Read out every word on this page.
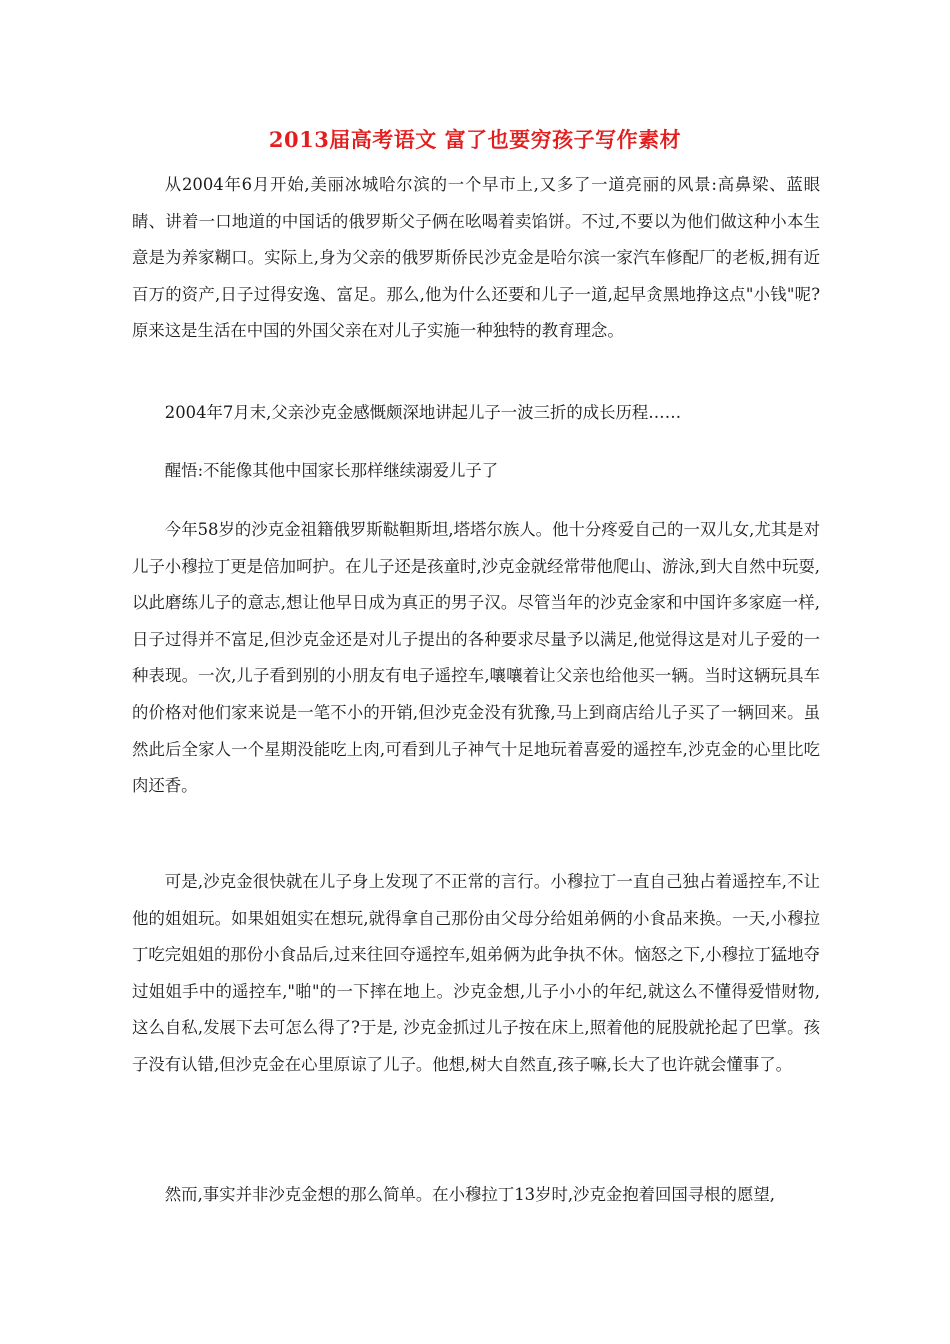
2013届高考语文 富了也要穷孩子写作素材
从2004年6月开始,美丽冰城哈尔滨的一个早市上,又多了一道亮丽的风景:高鼻梁、蓝眼睛、讲着一口地道的中国话的俄罗斯父子俩在吆喝着卖馅饼。不过,不要以为他们做这种小本生意是为养家糊口。实际上,身为父亲的俄罗斯侨民沙克金是哈尔滨一家汽车修配厂的老板,拥有近百万的资产,日子过得安逸、富足。那么,他为什么还要和儿子一道,起早贪黑地挣这点"小钱"呢?原来这是生活在中国的外国父亲在对儿子实施一种独特的教育理念。
2004年7月末,父亲沙克金感慨颇深地讲起儿子一波三折的成长历程……
醒悟:不能像其他中国家长那样继续溺爱儿子了
今年58岁的沙克金祖籍俄罗斯鞑靼斯坦,塔塔尔族人。他十分疼爱自己的一双儿女,尤其是对儿子小穆拉丁更是倍加呵护。在儿子还是孩童时,沙克金就经常带他爬山、游泳,到大自然中玩耍,以此磨练儿子的意志,想让他早日成为真正的男子汉。尽管当年的沙克金家和中国许多家庭一样,日子过得并不富足,但沙克金还是对儿子提出的各种要求尽量予以满足,他觉得这是对儿子爱的一种表现。一次,儿子看到别的小朋友有电子遥控车,嚷嚷着让父亲也给他买一辆。当时这辆玩具车的价格对他们家来说是一笔不小的开销,但沙克金没有犹豫,马上到商店给儿子买了一辆回来。虽然此后全家人一个星期没能吃上肉,可看到儿子神气十足地玩着喜爱的遥控车,沙克金的心里比吃肉还香。
可是,沙克金很快就在儿子身上发现了不正常的言行。小穆拉丁一直自己独占着遥控车,不让他的姐姐玩。如果姐姐实在想玩,就得拿自己那份由父母分给姐弟俩的小食品来换。一天,小穆拉丁吃完姐姐的那份小食品后,过来往回夺遥控车,姐弟俩为此争执不休。恼怒之下,小穆拉丁猛地夺过姐姐手中的遥控车,"啪"的一下摔在地上。沙克金想,儿子小小的年纪,就这么不懂得爱惜财物,这么自私,发展下去可怎么得了?于是, 沙克金抓过儿子按在床上,照着他的屁股就抡起了巴掌。孩子没有认错,但沙克金在心里原谅了儿子。他想,树大自然直,孩子嘛,长大了也许就会懂事了。
然而,事实并非沙克金想的那么简单。在小穆拉丁13岁时,沙克金抱着回国寻根的愿望,
